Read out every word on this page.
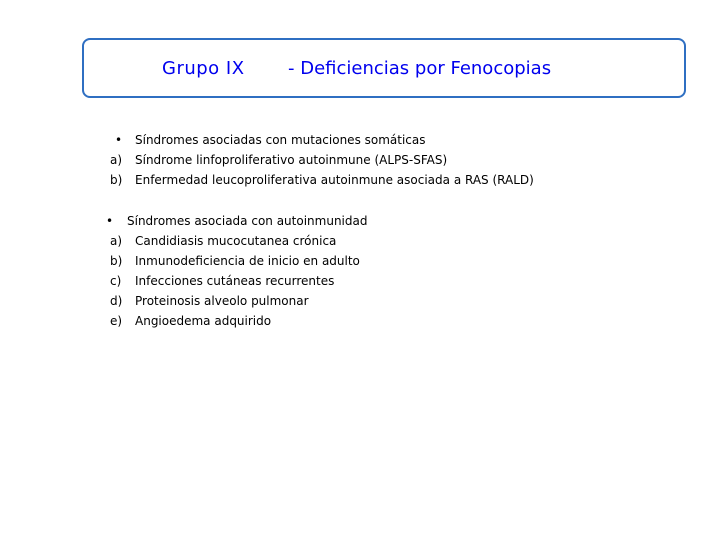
Grupo IX - Deficiencias por Fenocopias
• Síndromes asociadas con mutaciones somáticas
a) Síndrome linfoproliferativo autoinmune (ALPS-SFAS)
b) Enfermedad leucoproliferativa autoinmune asociada a RAS (RALD)
• Síndromes asociada con autoinmunidad
a) Candidiasis mucocutanea crónica
b) Inmunodeficiencia de inicio en adulto
c) Infecciones cutáneas recurrentes
d) Proteinosis alveolo pulmonar
e) Angioedema adquirido
